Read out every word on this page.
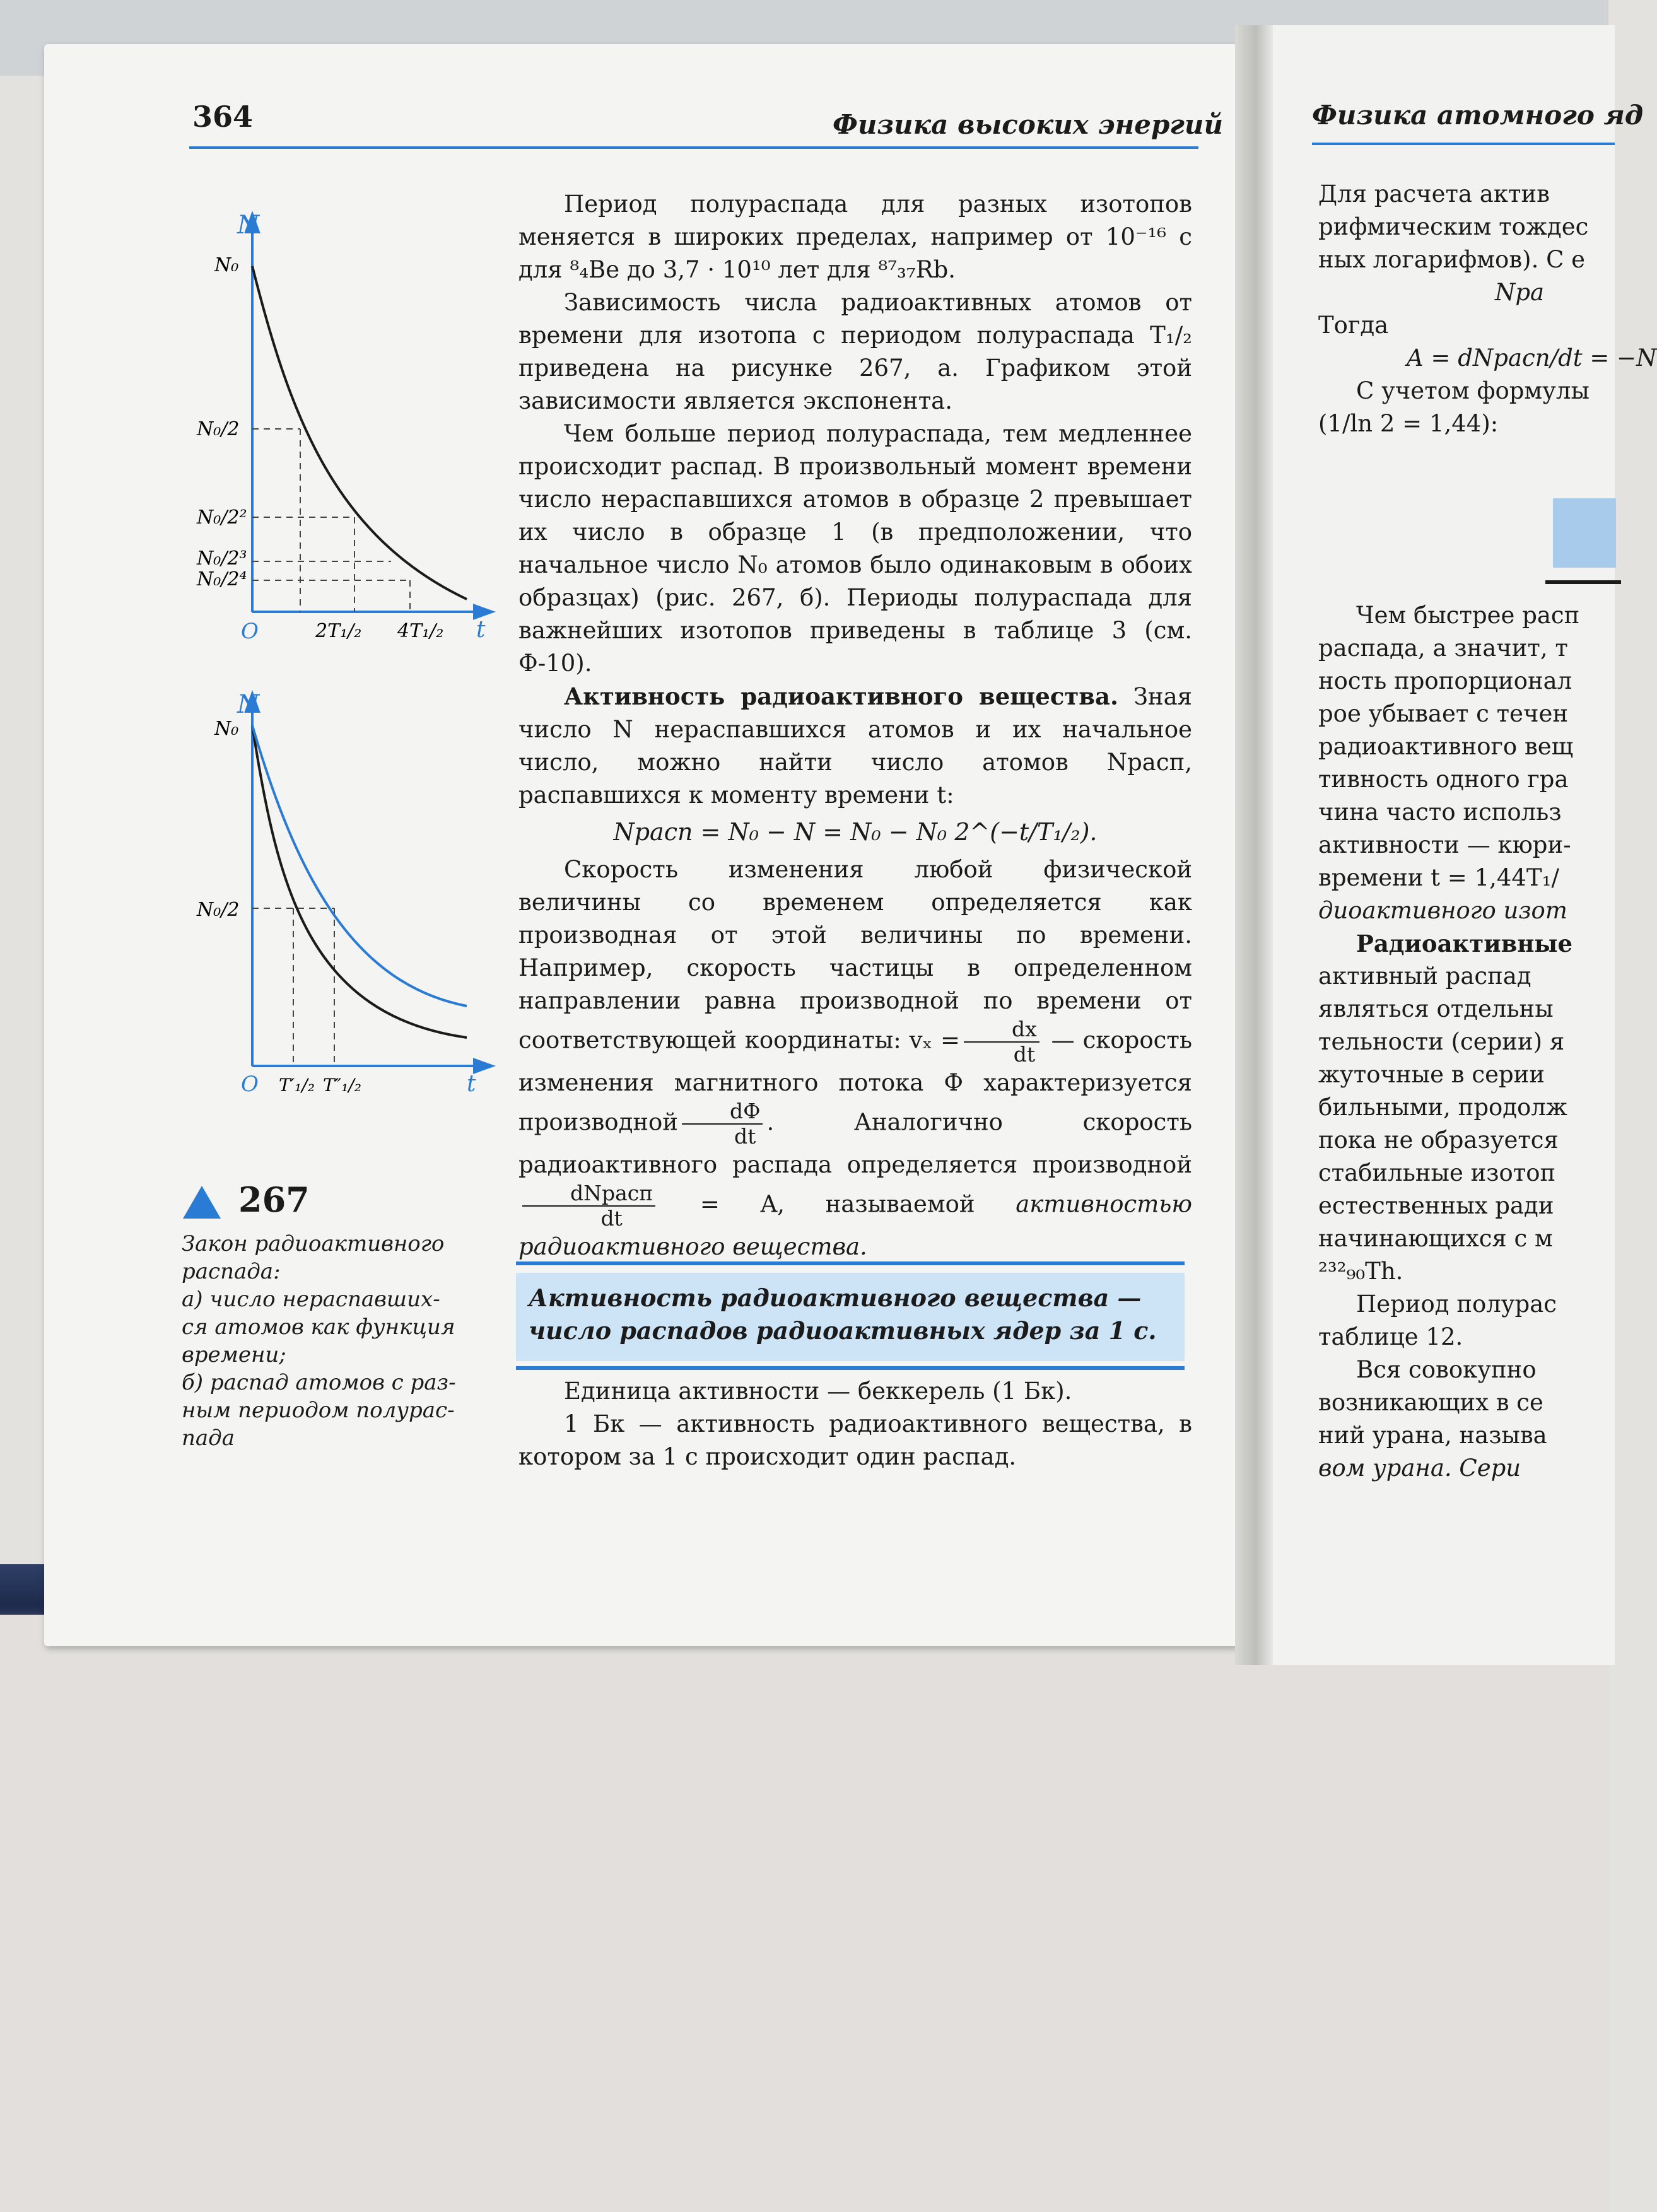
364	Физика высоких энергий	Физика атомного яд
N
t
O
N₀
N₀/2
N₀/2²
N₀/2³
N₀/2⁴
2T₁/₂ 4T₁/₂
N
t
O
N₀
N₀/2
T′₁/₂ T″₁/₂
267
Закон радиоактивного
распада:
а) число нераспавших-
ся атомов как функция
времени;
б) распад атомов с раз-
ным периодом полурас-
пада

Период полураспада для разных изотопов меняется в широких пределах, например от 10⁻¹⁶ с для ⁸₄Be до 3,7 · 10¹⁰ лет для ⁸⁷₃₇Rb.

Зависимость числа радиоактивных атомов от времени для изотопа с периодом полураспада T₁/₂ приведена на рисунке 267, а. Графиком этой зависимости является экспонента.

Чем больше период полураспада, тем медленнее происходит распад. В произвольный момент времени число нераспавшихся атомов в образце 2 превышает их число в образце 1 (в предположении, что начальное число N₀ атомов было одинаковым в обоих образцах) (рис. 267, б). Периоды полураспада для важнейших изотопов приведены в таблице 3 (см. Ф-10).

Активность радиоактивного вещества. Зная число N нераспавшихся атомов и их начальное число, можно найти число атомов Nрасп, распавшихся к моменту времени t:

Nрасп = N₀ − N = N₀ − N₀ 2^(−t/T₁/₂).

Скорость изменения любой физической величины со временем определяется как производная от этой величины по времени. Например, скорость частицы в определенном направлении равна производной по времени от соответствующей координаты: $v_x = \frac{dx}{dt}$ — скорость изменения магнитного потока Ф характеризуется производной $\frac{dФ}{dt}$ . Аналогично скорость радиоактивного распада определяется производной
$\frac{\text{dNрасп}}{dt} = A$, называемой активностью радиоактивного вещества.

Активность радиоактивного вещества — число распадов радиоактивных ядер за 1 с.

Единица активности — беккерель (1 Бк).

1 Бк — активность радиоактивного вещества, в котором за 1 с происходит один распад.

Для расчета актив
рифмическим тождес
ных логарифмов). С е
Nра
Тогда
A = dNрасп/dt = −N
С учетом формулы
(1/ln 2 = 1,44):
Чем быстрее расп
распада, а значит, т
ность пропорционал
рое убывает с течен
радиоактивного вещ
тивность одного гра
чина часто использ
активности — кюри-
времени t = 1,44T₁/
диоактивного изот
Радиоактивные
активный распад
являться отдельны
тельности (серии) я
жуточные в серии
бильными, продолж
пока не образуется
стабильные изотоп
естественных ради
начинающихся с м
²³²₉₀Th.
Период полурас
таблице 12.
Вся совокупно
возникающих в се
ний урана, называ
вом урана. Сери
